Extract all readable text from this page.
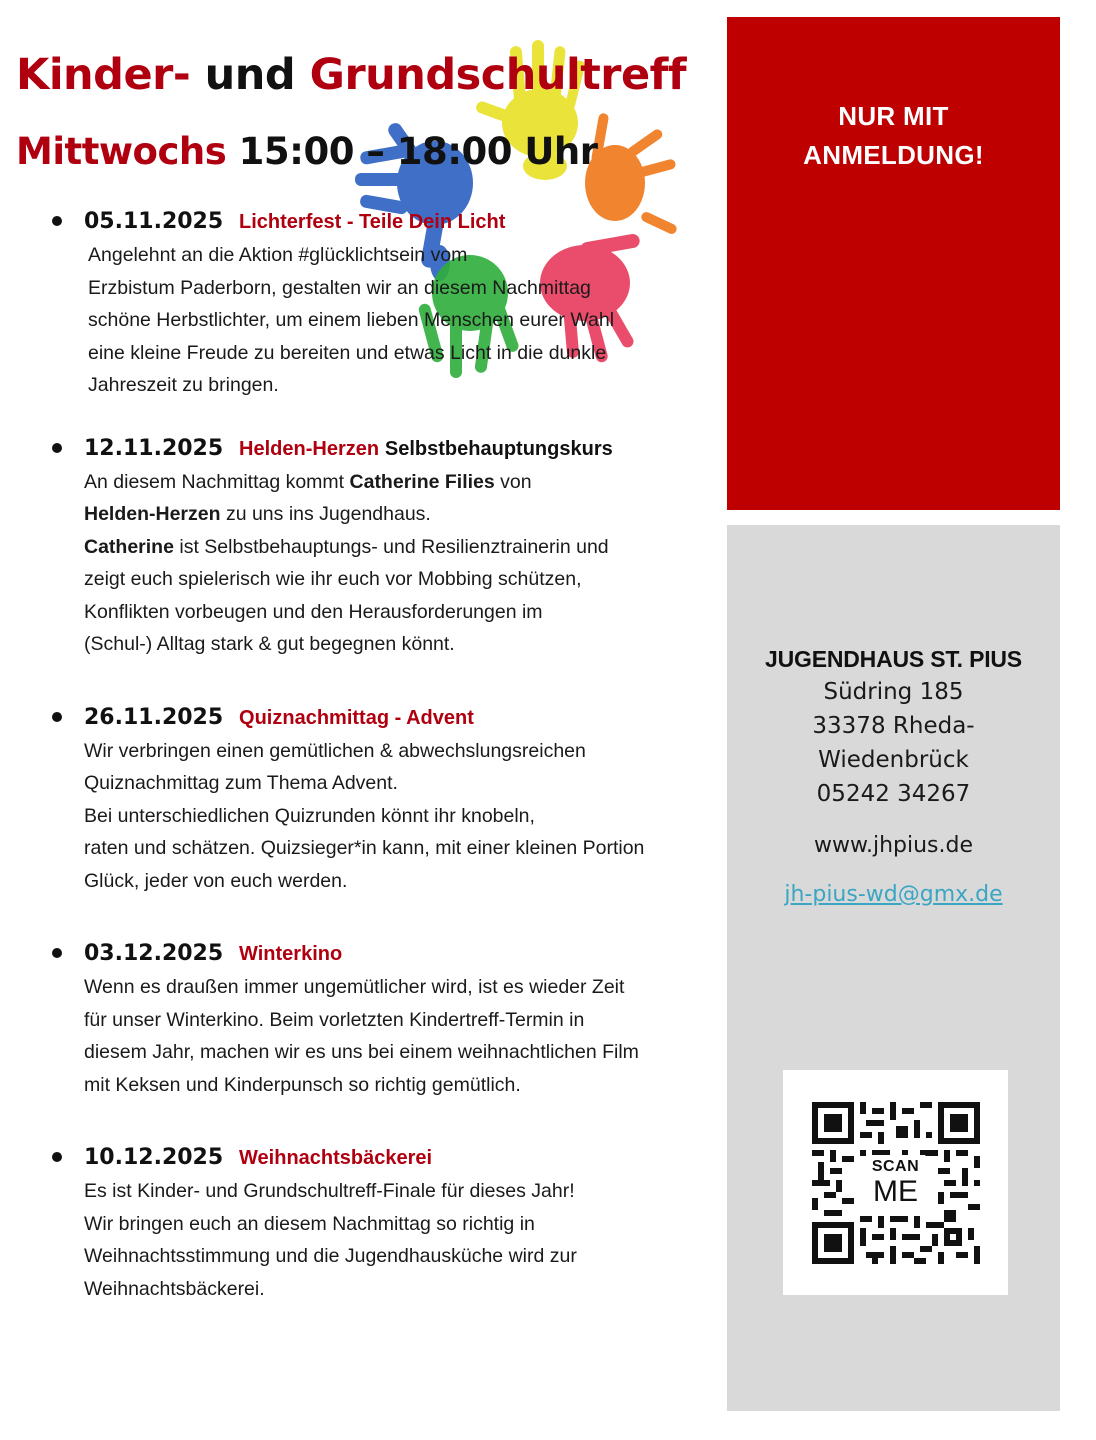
Kinder- und Grundschultreff
Mittwochs 15:00 – 18:00 Uhr
05.11.2025 Lichterfest - Teile Dein Licht
Angelehnt an die Aktion #glücklichtsein vom
Erzbistum Paderborn, gestalten wir an diesem Nachmittag
schöne Herbstlichter, um einem lieben Menschen eurer Wahl
eine kleine Freude zu bereiten und etwas Licht in die dunkle
Jahreszeit zu bringen.
12.11.2025 Helden-Herzen Selbstbehauptungskurs
An diesem Nachmittag kommt Catherine Filies von
Helden-Herzen zu uns ins Jugendhaus.
Catherine ist Selbstbehauptungs- und Resilienztrainerin und
zeigt euch spielerisch wie ihr euch vor Mobbing schützen,
Konflikten vorbeugen und den Herausforderungen im
(Schul-) Alltag stark & gut begegnen könnt.
26.11.2025 Quiznachmittag - Advent
Wir verbringen einen gemütlichen & abwechslungsreichen
Quiznachmittag zum Thema Advent.
Bei unterschiedlichen Quizrunden könnt ihr knobeln,
raten und schätzen. Quizsieger*in kann, mit einer kleinen Portion
Glück, jeder von euch werden.
03.12.2025 Winterkino
Wenn es draußen immer ungemütlicher wird, ist es wieder Zeit
für unser Winterkino. Beim vorletzten Kindertreff-Termin in
diesem Jahr, machen wir es uns bei einem weihnachtlichen Film
mit Keksen und Kinderpunsch so richtig gemütlich.
10.12.2025 Weihnachtsbäckerei
Es ist Kinder- und Grundschultreff-Finale für dieses Jahr!
Wir bringen euch an diesem Nachmittag so richtig in
Weihnachtsstimmung und die Jugendhausküche wird zur
Weihnachtsbäckerei.
NUR MIT
ANMELDUNG!
JUGENDHAUS ST. PIUS
Südring 185
33378 Rheda-
Wiedenbrück
05242 34267
www.jhpius.de
jh-pius-wd@gmx.de
SCAN
ME
